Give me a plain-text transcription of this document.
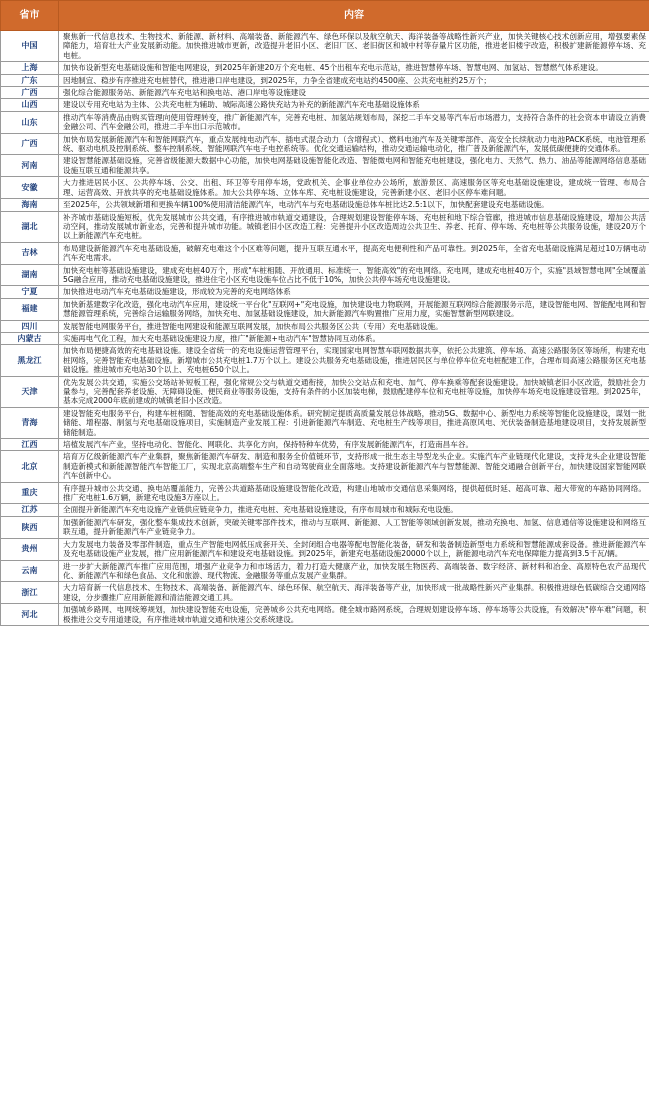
省市	内容
中国	聚焦新一代信息技术、生物技术、新能源、新材料、高端装备、新能源汽车、绿色环保以及航空航天、海洋装备等战略性新兴产业，加快关键核心技术创新应用，增强要素保障能力，培育壮大产业发展新动能。加快推进城市更新，改造提升老旧小区、老旧厂区、老旧街区和城中村等存量片区功能，推进老旧楼宇改造，积极扩建新能源停车场、充电桩。
上海	加快布设新型充电基础设施和智能电网建设，到2025年新建20万个充电桩、45个出租车充电示范站，推进智慧停车场、智慧电网、加氢站、智慧燃气体系建设。
广东	因地制宜、稳步有序推进充电桩替代，推进港口岸电建设，到2025年，力争全省建成充电站约4500座、公共充电桩约25万个；
广西	强化综合能源服务站、新能源汽车充电站和换电站、港口岸电等设施建设
山西	建设以专用充电站为主体、公共充电桩为辅助、城际高速公路快充站为补充的新能源汽车充电基础设施体系
山东	推动汽车等消费品由购买管理向使用管理转变，推广新能源汽车，完善充电桩、加氢站规划布局，深挖二手车交易等汽车后市场潜力，支持符合条件的社会资本申请设立消费金融公司、汽车金融公司，推进二手车出口示范城市。
广西	加快布局发展新能源汽车和智能网联汽车，重点发展纯电动汽车、插电式混合动力（含增程式）、燃料电池汽车及关键零部件、高安全长续航动力电池PACK系统、电池管理系统、驱动电机及控制系统、整车控制系统、智能网联汽车电子电控系统等。优化交通运输结构，推动交通运输电动化，推广普及新能源汽车，发展低碳便捷的交通体系。
河南	建设智慧能源基础设施，完善省级能源大数据中心功能，加快电网基础设施智能化改造、智能微电网和智能充电桩建设，强化电力、天然气、热力、油品等能源网络信息基础设施互联互通和能源共享。
安徽	大力推进居民小区、公共停车场、公交、出租、环卫等专用停车场，党政机关、企事业单位办公场所，旅游景区、高速服务区等充电基础设施建设，建成统一管理、布局合理、运营高效、开放共享的充电基础设施体系。加大公共停车场、立体车库、充电桩设施建设，完善新建小区、老旧小区停车难问题。
海南	至2025年，公共领域新增和更换车辆100%使用清洁能源汽车，电动汽车与充电基础设施总体车桩比达2.5:1以下，加快配套建设充电基础设施。
湖北	补齐城市基础设施短板，优先发展城市公共交通，有序推进城市轨道交通建设，合理规划建设智能停车场、充电桩和地下综合管廊，推进城市信息基础设施建设，增加公共活动空间，推动发展城市新业态，完善和提升城市功能。城镇老旧小区改造工程：完善提升小区改造周边公共卫生、养老、托育、停车场、充电桩等公共服务设施，建设20万个以上新能源汽车充电桩。
吉林	布局建设新能源汽车充电基础设施，破解充电难这个小区难等问题，提升互联互通水平，提高充电便利性和产品可靠性。到2025年，全省充电基础设施满足超过10万辆电动汽车充电需求。
湖南	加快充电桩等基础设施建设，建成充电桩40万个，形成"车桩相随、开放通用、标准统一、智能高效"的充电网络。充电网，建成充电桩40万个，实施"县域智慧电网"全域覆盖5G融合应用，推动充电基础设施建设，推进住宅小区充电设施车位占比不低于10%，加快公共停车场充电设施建设。
宁夏	加快推进电动汽车充电基础设施建设，形成较为完善的充电网络体系
福建	加快新基建数字化改造，强化电动汽车应用，建设统一平台化"互联网+"充电设施，加快建设电力物联网，开展能源互联网综合能源服务示范，建设智能电网、智能配电网和智慧能源管理系统，完善综合运输服务网络，加快充电、加氢基础设施建设，加大新能源汽车购置推广应用力度，实施智慧新型网联建设。
四川	发展智能电网服务平台，推进智能电网建设和能源互联网发展，加快布局公共服务区公共（专用）充电基础设施。
内蒙古	实施再电气化工程，加大充电基础设施建设力度，推广"新能源+电动汽车"智慧协同互动体系。
黑龙江	加快布局便捷高效的充电基础设施。建设全省统一的充电设施运营管理平台，实现国家电网智慧车联网数据共享，依托公共建筑、停车场、高速公路服务区等场所，构建充电桩网络，完善智能充电基础设施。新增城市公共充电桩1.7万个以上。建设公共服务充电基础设施，推进居民区与单位停车位充电桩配建工作，合理布局高速公路服务区充电基础设施。推进城市充电站30个以上、充电桩650个以上。
天津	优先发展公共交通，实施公交场站补短板工程，强化常规公交与轨道交通衔接，加快公交站点和充电、加气、停车换乘等配套设施建设。加快城镇老旧小区改造，鼓励社会力量参与，完善配套养老设施、无障碍设施、便民商业等服务设施，支持有条件的小区加装电梯，鼓励配建停车位和充电桩等设施，加快停车场充电设施建设管理。到2025年，基本完成2000年底前建成的城镇老旧小区改造。
青海	建设智能充电服务平台，构建车桩相随、智能高效的充电基础设施体系。研究制定提质高质量发展总体战略，推动5G、数据中心、新型电力系统等智能化设施建设，谋划一批储能、增程器、制氢与充电基础设施项目，实施制造产业发展工程：引进新能源汽车制造、充电桩生产线等项目，推进高原风电、光伏装备制造基地建设项目，支持发展新型储能制造。
江西	培植发展汽车产业，坚持电动化、智能化、网联化、共享化方向，保持特种车优势，有序发展新能源汽车，打造南昌车谷。
北京	培育万亿级新能源汽车产业集群，聚焦新能源汽车研发、制造和服务全价值链环节，支持形成一批生态主导型龙头企业。实施汽车产业链现代化建设，支持龙头企业建设智能制造新模式和新能源智能汽车智能工厂，实现北京高端整车生产和自动驾驶商业全面落地。支持建设新能源汽车与智慧能源、智能交通融合创新平台，加快建设国家智能网联汽车创新中心。
重庆	有序提升城市公共交通、换电站覆盖能力，完善公共道路基础设施建设智能化改造，构建山地城市交通信息采集网络，提供超低时延、超高可靠、超大带宽的车路协同网络。推广充电桩1.6万辆，新建充电设施3万座以上。
江苏	全面提升新能源汽车充电设施产业链供应链竞争力，推进充电桩、充电基础设施建设，有序布局城市和城际充电设施。
陕西	加强新能源汽车研发，强化整车集成技术创新，突破关键零部件技术，推动与互联网、新能源、人工智能等领域创新发展，推动充换电、加氢、信息通信等设施建设和网络互联互通，提升新能源汽车产业链竞争力。
贵州	大力发展电力装备及零部件制造，重点生产智能电网低压成套开关、全封闭组合电器等配电智能化装备，研发和装备制造新型电力系统和智慧能源成套设备。推进新能源汽车及充电基础设施产业发展，推广应用新能源汽车和建设充电基础设施。到2025年，新建充电基础设施20000个以上，新能源电动汽车充电保障能力提高到3.5千瓦/辆。
云南	进一步扩大新能源汽车推广应用范围，增强产业竞争力和市场活力，着力打造大健康产业，加快发展生物医药、高端装备、数字经济、新材料和冶金、高原特色农产品现代化、新能源汽车和绿色食品、文化和旅游、现代物流、金融服务等重点发展产业集群。
浙江	大力培育新一代信息技术、生物技术、高端装备、新能源汽车、绿色环保、航空航天、海洋装备等产业，加快形成一批战略性新兴产业集群。积极推进绿色低碳综合交通网络建设，分步骤推广应用新能源和清洁能源交通工具。
河北	加强城乡路网、电网统筹规划，加快建设智能充电设施，完善城乡公共充电网络。健全城市路网系统，合理规划建设停车场、停车场等公共设施，有效解决"停车难"问题，积极推进公交专用道建设，有序推进城市轨道交通和快速公交系统建设。
